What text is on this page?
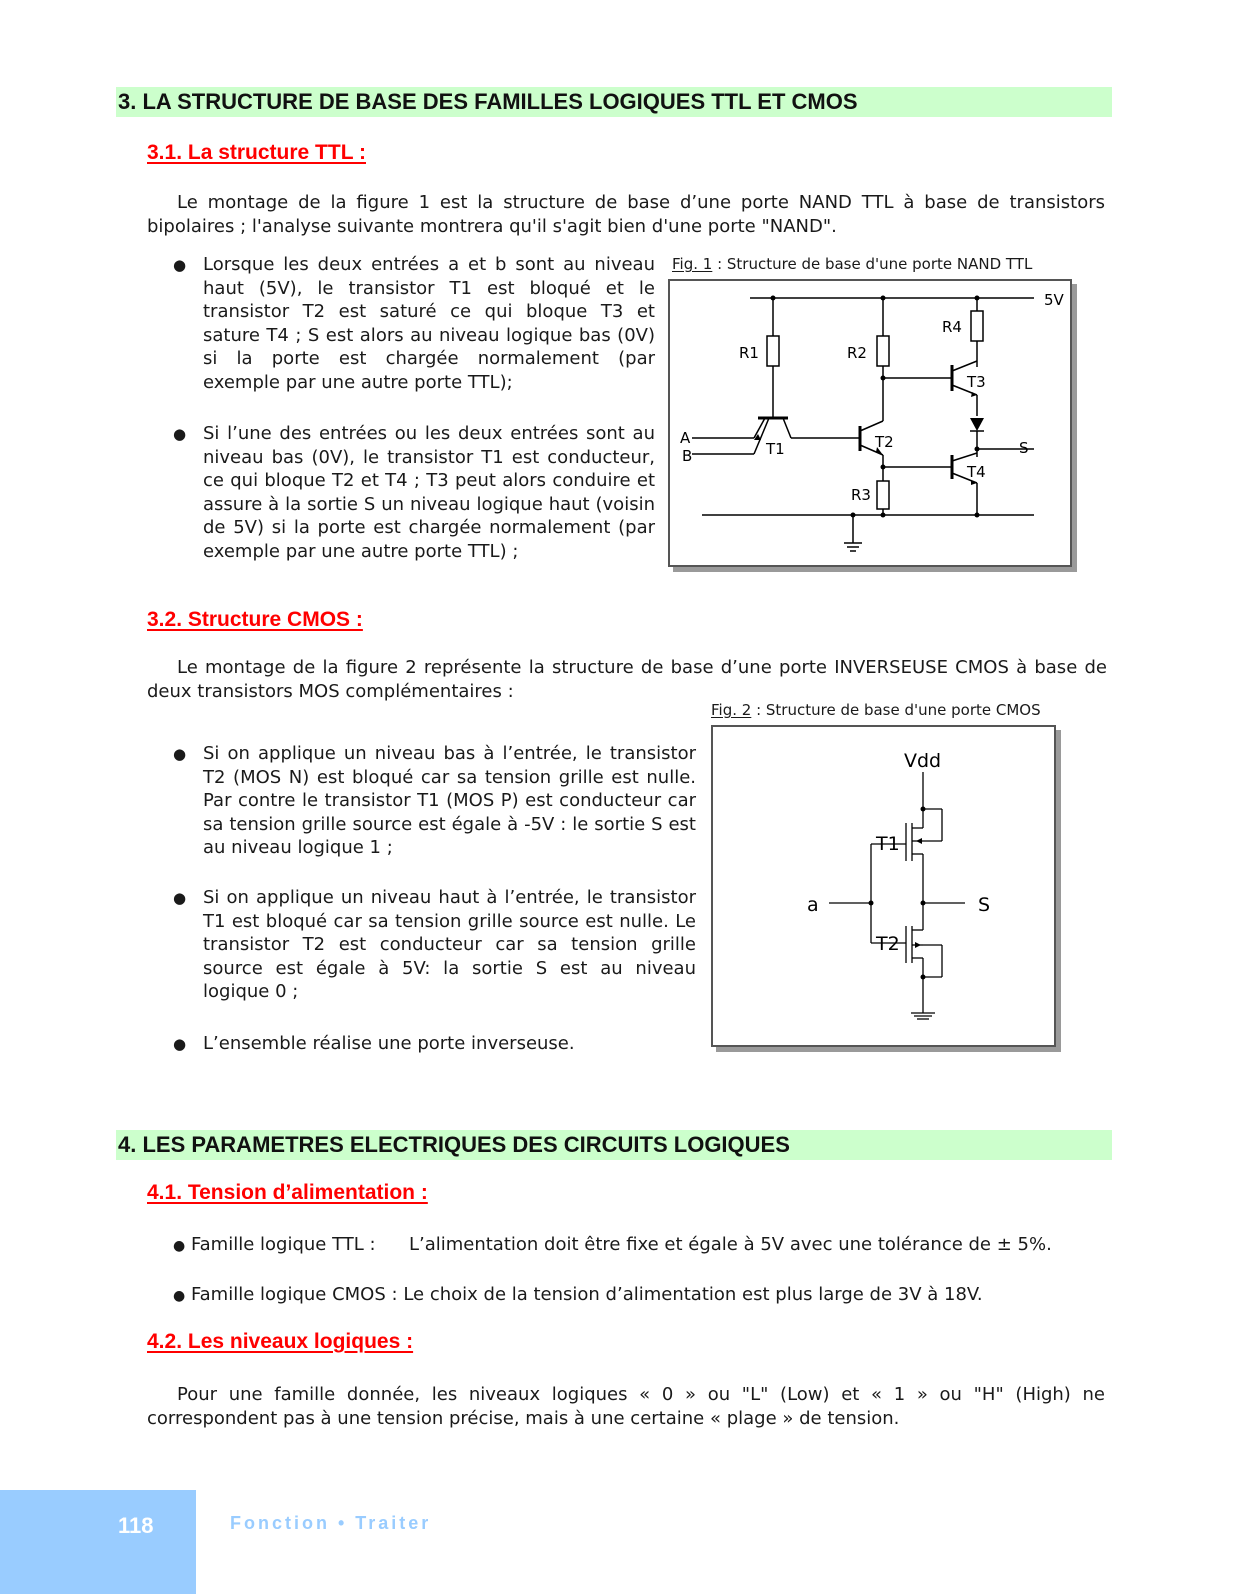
3. LA STRUCTURE DE BASE DES FAMILLES LOGIQUES TTL ET CMOS
3.1. La structure TTL :
Le montage de la figure 1 est la structure de base d’une porte NAND TTL à base de transistors bipolaires ; l'analyse suivante montrera qu'il s'agit bien d'une porte "NAND".
● Lorsque les deux entrées a et b sont au niveau haut (5V), le transistor T1 est bloqué et le transistor T2 est saturé ce qui bloque T3 et sature T4 ; S est alors au niveau logique bas (0V) si la porte est chargée normalement (par exemple par une autre porte TTL);
● Si l’une des entrées ou les deux entrées sont au niveau bas (0V), le transistor T1 est conducteur, ce qui bloque T2 et T4 ; T3 peut alors conduire et assure à la sortie S un niveau logique haut (voisin de 5V) si la porte est chargée normalement (par exemple par une autre porte TTL) ;
Fig. 1 : Structure de base d'une porte NAND TTL
5V
R1	R2
R3
R4
T1	T2
T3
T4
A
B	S
3.2. Structure CMOS :
Le montage de la figure 2 représente la structure de base d’une porte INVERSEUSE CMOS à base de deux transistors MOS complémentaires :
Fig. 2 : Structure de base d'une porte CMOS
● Si on applique un niveau bas à l’entrée, le transistor T2 (MOS N) est bloqué car sa tension grille est nulle. Par contre le transistor T1 (MOS P) est conducteur car sa tension grille source est égale à -5V : le sortie S est au niveau logique 1 ;
● Si on applique un niveau haut à l’entrée, le transistor T1 est bloqué car sa tension grille source est nulle. Le transistor T2 est conducteur car sa tension grille source est égale à 5V: la sortie S est au niveau logique 0 ;
● L’ensemble réalise une porte inverseuse.
Vdd
T1
T2
a	S
4. LES PARAMETRES ELECTRIQUES DES CIRCUITS LOGIQUES
4.1. Tension d’alimentation :
● Famille logique TTL : L’alimentation doit être fixe et égale à 5V avec une tolérance de ± 5%.
● Famille logique CMOS : Le choix de la tension d’alimentation est plus large de 3V à 18V.
4.2. Les niveaux logiques :
Pour une famille donnée, les niveaux logiques « 0 » ou "L" (Low) et « 1 » ou "H" (High) ne correspondent pas à une tension précise, mais à une certaine « plage » de tension.
118	Fonction • Traiter
